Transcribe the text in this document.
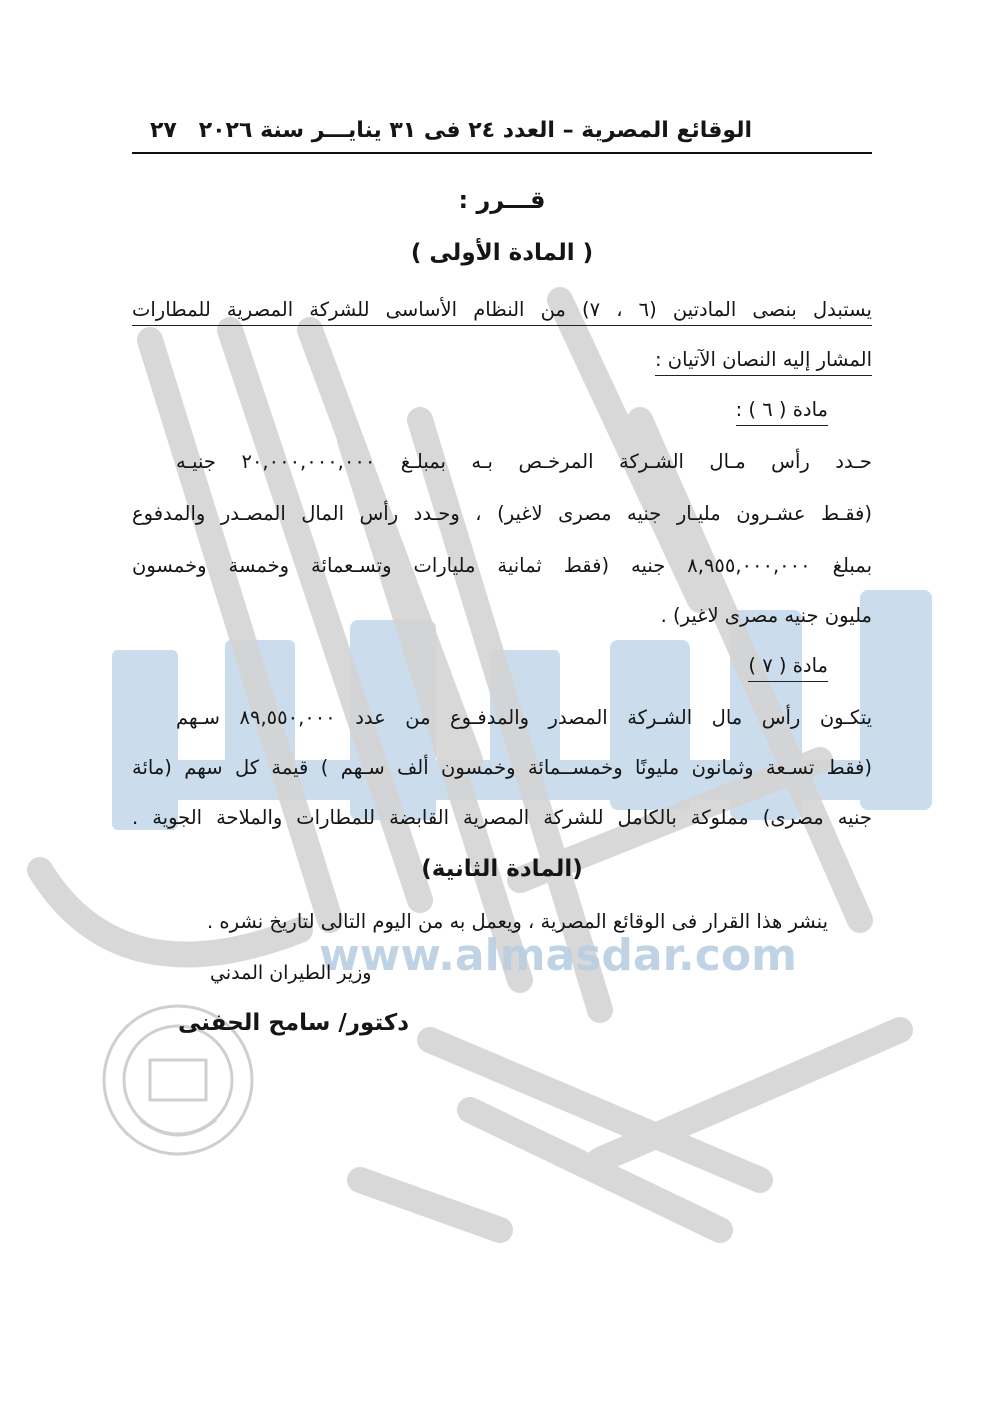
www.almasdar.com
الوقائع المصرية – العدد ٢٤ فى ٣١ ينايـــر سنة ٢٠٢٦
٢٧
قـــرر :
( المادة الأولى )
يستبدل بنصى المادتين (٦ ، ٧) من النظام الأساسى للشركة المصرية للمطارات
المشار إليه النصان الآتيان :
مادة ( ٦ ) :
حـدد رأس مـال الشـركة المرخـص بـه بمبلـغ ٢٠,٠٠٠,٠٠٠,٠٠٠ جنيـه
(فقـط عشـرون مليـار جنيه مصرى لاغير) ، وحـدد رأس المال المصـدر والمدفوع
بمبلغ ٨,٩٥٥,٠٠٠,٠٠٠ جنيه (فقط ثمانية مليارات وتسـعمائة وخمسة وخمسون
مليون جنيه مصرى لاغير) .
مادة ( ٧ )
يتكـون رأس مال الشـركة المصدر والمدفـوع من عدد ٨٩,٥٥٠,٠٠٠ سـهم
(فقط تسـعة وثمانون مليونًا وخمســمائة وخمسون ألف سـهم ) قيمة كل سهم (مائة
جنيه مصرى) مملوكة بالكامل للشركة المصرية القابضة للمطارات والملاحة الجوية .
(المادة الثانية)
ينشر هذا القرار فى الوقائع المصرية ، ويعمل به من اليوم التالى لتاريخ نشره .
وزير الطيران المدني
دكتور/ سامح الحفنى
